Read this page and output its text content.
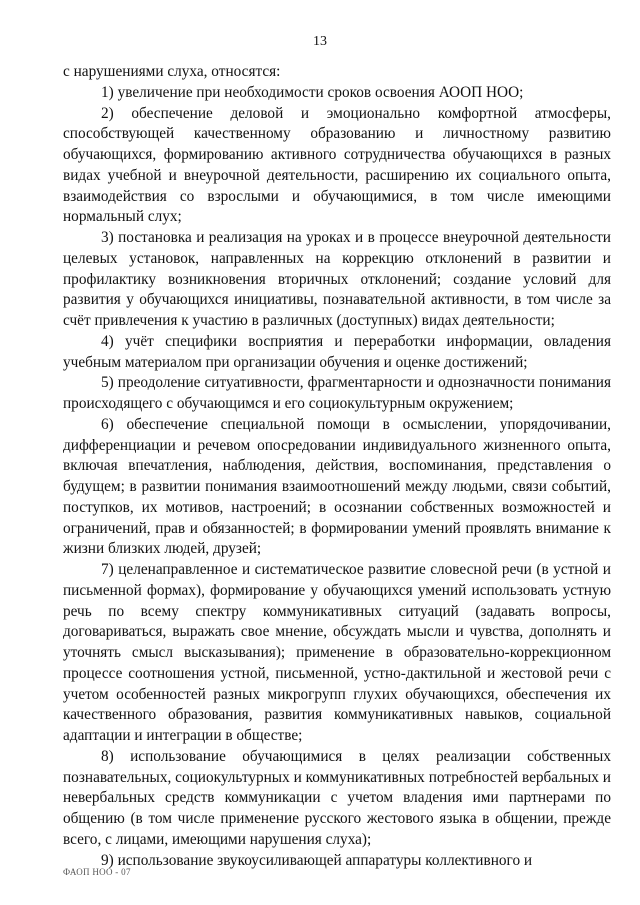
13

с нарушениями слуха, относятся:

1) увеличение при необходимости сроков освоения АООП НОО;

2) обеспечение деловой и эмоционально комфортной атмосферы, способствующей качественному образованию и личностному развитию обучающихся, формированию активного сотрудничества обучающихся в разных видах учебной и внеурочной деятельности, расширению их социального опыта, взаимодействия со взрослыми и обучающимися, в том числе имеющими нормальный слух;

3) постановка и реализация на уроках и в процессе внеурочной деятельности целевых установок, направленных на коррекцию отклонений в развитии и профилактику возникновения вторичных отклонений; создание условий для развития у обучающихся инициативы, познавательной активности, в том числе за счёт привлечения к участию в различных (доступных) видах деятельности;

4) учёт специфики восприятия и переработки информации, овладения учебным материалом при организации обучения и оценке достижений;

5) преодоление ситуативности, фрагментарности и однозначности понимания происходящего с обучающимся и его социокультурным окружением;

6) обеспечение специальной помощи в осмыслении, упорядочивании, дифференциации и речевом опосредовании индивидуального жизненного опыта, включая впечатления, наблюдения, действия, воспоминания, представления о будущем; в развитии понимания взаимоотношений между людьми, связи событий, поступков, их мотивов, настроений; в осознании собственных возможностей и ограничений, прав и обязанностей; в формировании умений проявлять внимание к жизни близких людей, друзей;

7) целенаправленное и систематическое развитие словесной речи (в устной и письменной формах), формирование у обучающихся умений использовать устную речь по всему спектру коммуникативных ситуаций (задавать вопросы, договариваться, выражать свое мнение, обсуждать мысли и чувства, дополнять и уточнять смысл высказывания); применение в образовательно-коррекционном процессе соотношения устной, письменной, устно-дактильной и жестовой речи с учетом особенностей разных микрогрупп глухих обучающихся, обеспечения их качественного образования, развития коммуникативных навыков, социальной адаптации и интеграции в обществе;

8) использование обучающимися в целях реализации собственных познавательных, социокультурных и коммуникативных потребностей вербальных и невербальных средств коммуникации с учетом владения ими партнерами по общению (в том числе применение русского жестового языка в общении, прежде всего, с лицами, имеющими нарушения слуха);

9) использование звукоусиливающей аппаратуры коллективного и

ФАОП НОО - 07
